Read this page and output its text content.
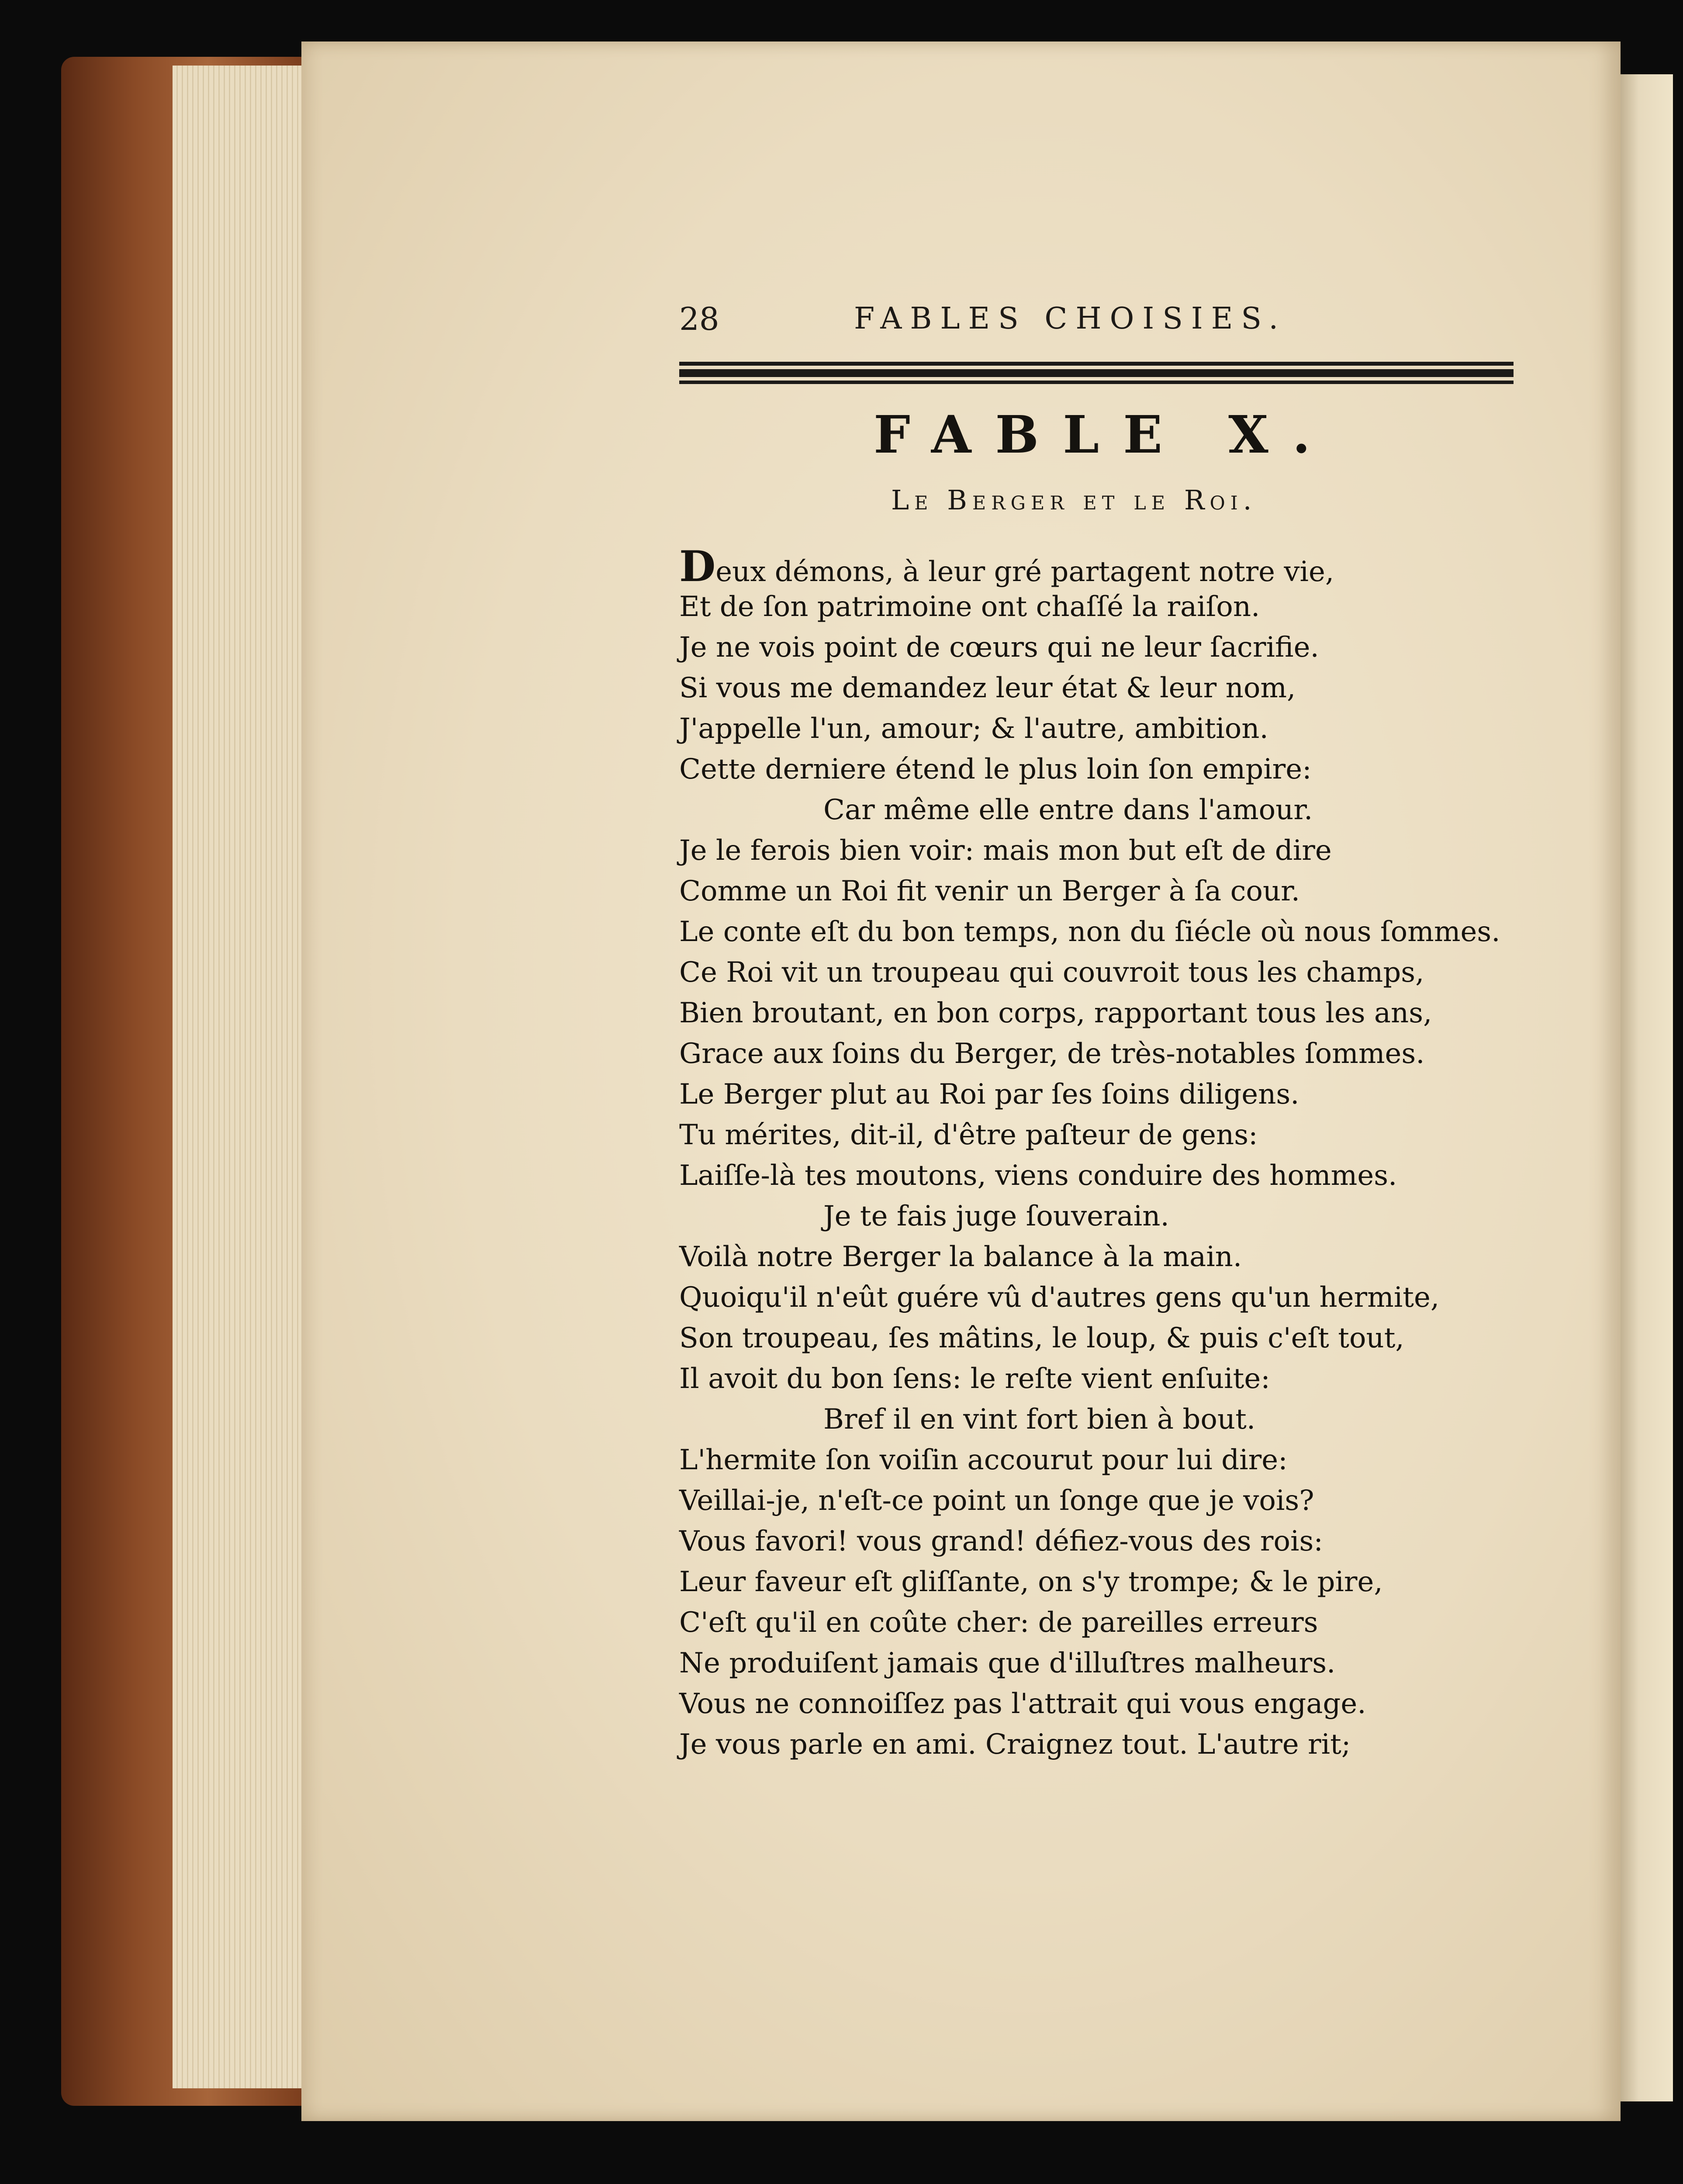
28	FABLES CHOISIES.
FABLE X.
Le Berger et le Roi.
Deux démons, à leur gré partagent notre vie,
Et de ſon patrimoine ont chaſſé la raiſon.
Je ne vois point de cœurs qui ne leur ſacrifie.
Si vous me demandez leur état & leur nom,
J'appelle l'un, amour; & l'autre, ambition.
Cette derniere étend le plus loin ſon empire:
Car même elle entre dans l'amour.
Je le ferois bien voir: mais mon but eſt de dire
Comme un Roi fit venir un Berger à ſa cour.
Le conte eſt du bon temps, non du ſiécle où nous ſommes.
Ce Roi vit un troupeau qui couvroit tous les champs,
Bien broutant, en bon corps, rapportant tous les ans,
Grace aux ſoins du Berger, de très-notables ſommes.
Le Berger plut au Roi par ſes ſoins diligens.
Tu mérites, dit-il, d'être paſteur de gens:
Laiſſe-là tes moutons, viens conduire des hommes.
Je te fais juge ſouverain.
Voilà notre Berger la balance à la main.
Quoiqu'il n'eût guére vû d'autres gens qu'un hermite,
Son troupeau, ſes mâtins, le loup, & puis c'eſt tout,
Il avoit du bon ſens: le reſte vient enſuite:
Bref il en vint fort bien à bout.
L'hermite ſon voiſin accourut pour lui dire:
Veillai-je, n'eſt-ce point un ſonge que je vois?
Vous favori! vous grand! défiez-vous des rois:
Leur faveur eſt gliſſante, on s'y trompe; & le pire,
C'eſt qu'il en coûte cher: de pareilles erreurs
Ne produiſent jamais que d'illuſtres malheurs.
Vous ne connoiſſez pas l'attrait qui vous engage.
Je vous parle en ami. Craignez tout. L'autre rit;
